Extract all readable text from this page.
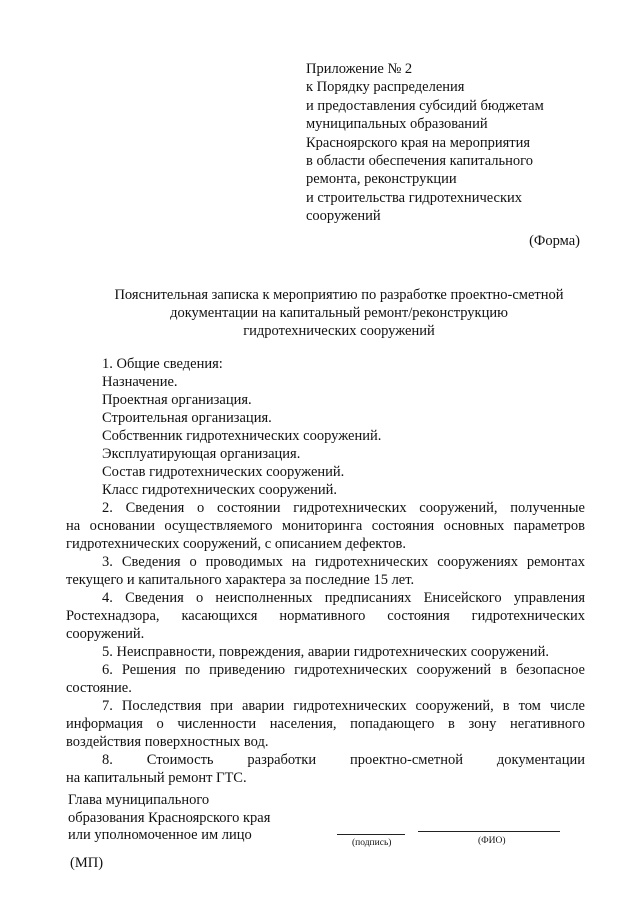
Приложение № 2
к Порядку распределения
и предоставления субсидий бюджетам
муниципальных образований
Красноярского края на мероприятия
в области обеспечения капитального
ремонта, реконструкции
и строительства гидротехнических
сооружений
(Форма)
Пояснительная записка к мероприятию по разработке проектно-сметной
документации на капитальный ремонт/реконструкцию
гидротехнических сооружений
1. Общие сведения:
Назначение.
Проектная организация.
Строительная организация.
Собственник гидротехнических сооружений.
Эксплуатирующая организация.
Состав гидротехнических сооружений.
Класс гидротехнических сооружений.
2. Сведения о состоянии гидротехнических сооружений, полученные
на основании осуществляемого мониторинга состояния основных параметров
гидротехнических сооружений, с описанием дефектов.
3. Сведения о проводимых на гидротехнических сооружениях ремонтах
текущего и капитального характера за последние 15 лет.
4. Сведения о неисполненных предписаниях Енисейского управления
Ростехнадзора, касающихся нормативного состояния гидротехнических
сооружений.
5. Неисправности, повреждения, аварии гидротехнических сооружений.
6. Решения по приведению гидротехнических сооружений в безопасное
состояние.
7. Последствия при аварии гидротехнических сооружений, в том числе
информация о численности населения, попадающего в зону негативного
воздействия поверхностных вод.
8. Стоимость разработки проектно-сметной документации
на капитальный ремонт ГТС.
Глава муниципального
образования Красноярского края
или уполномоченное им лицо	(подпись)	(ФИО)
(МП)
